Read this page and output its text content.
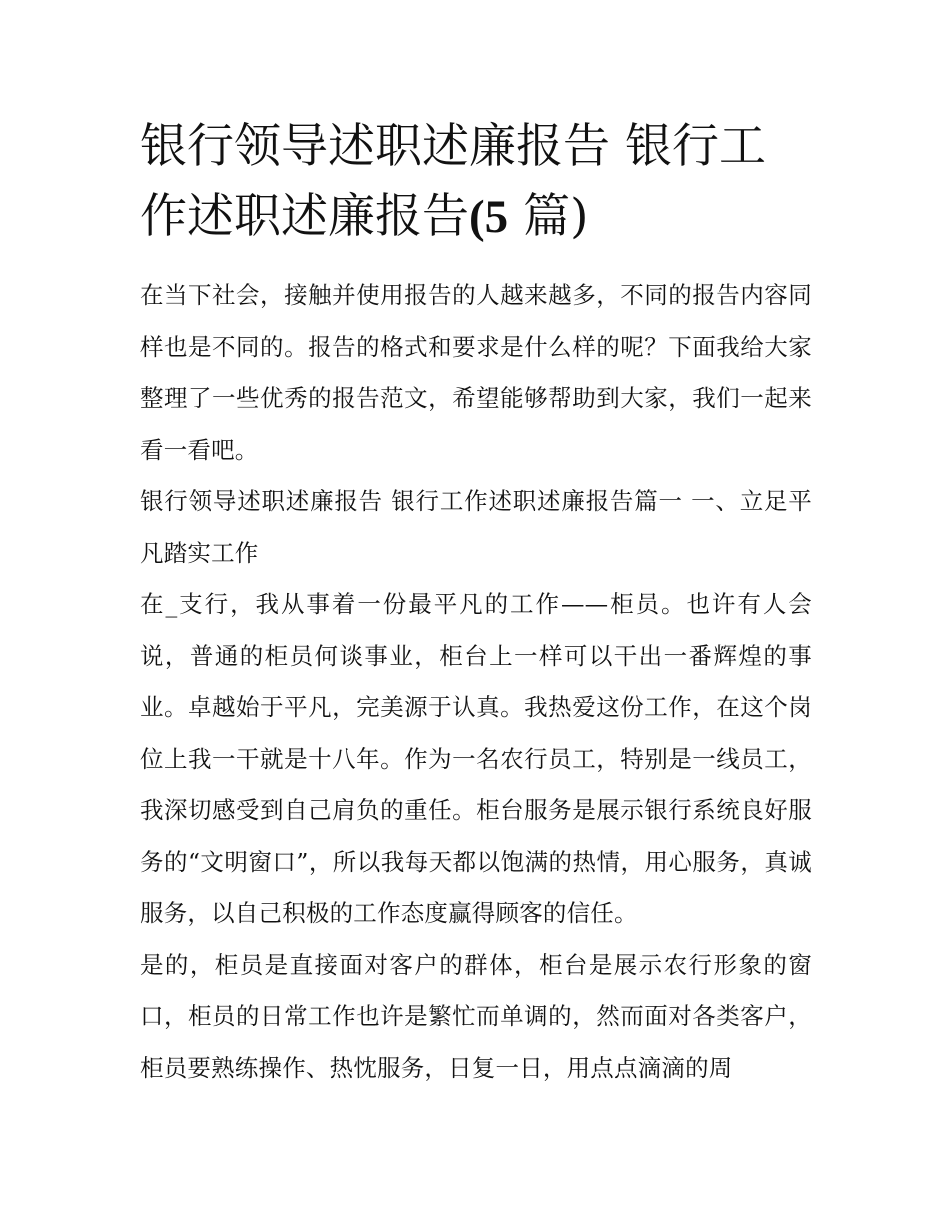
银行领导述职述廉报告 银行工作述职述廉报告(5 篇)

在当下社会，接触并使用报告的人越来越多，不同的报告内容同样也是不同的。报告的格式和要求是什么样的呢？下面我给大家整理了一些优秀的报告范文，希望能够帮助到大家，我们一起来看一看吧。

银行领导述职述廉报告 银行工作述职述廉报告篇一 一、立足平凡踏实工作

在_支行，我从事着一份最平凡的工作——柜员。也许有人会说，普通的柜员何谈事业，柜台上一样可以干出一番辉煌的事业。卓越始于平凡，完美源于认真。我热爱这份工作，在这个岗位上我一干就是十八年。作为一名农行员工，特别是一线员工，我深切感受到自己肩负的重任。柜台服务是展示银行系统良好服务的“文明窗口”，所以我每天都以饱满的热情，用心服务，真诚服务，以自己积极的工作态度赢得顾客的信任。

是的，柜员是直接面对客户的群体，柜台是展示农行形象的窗口，柜员的日常工作也许是繁忙而单调的，然而面对各类客户，柜员要熟练操作、热忱服务，日复一日，用点点滴滴的周
